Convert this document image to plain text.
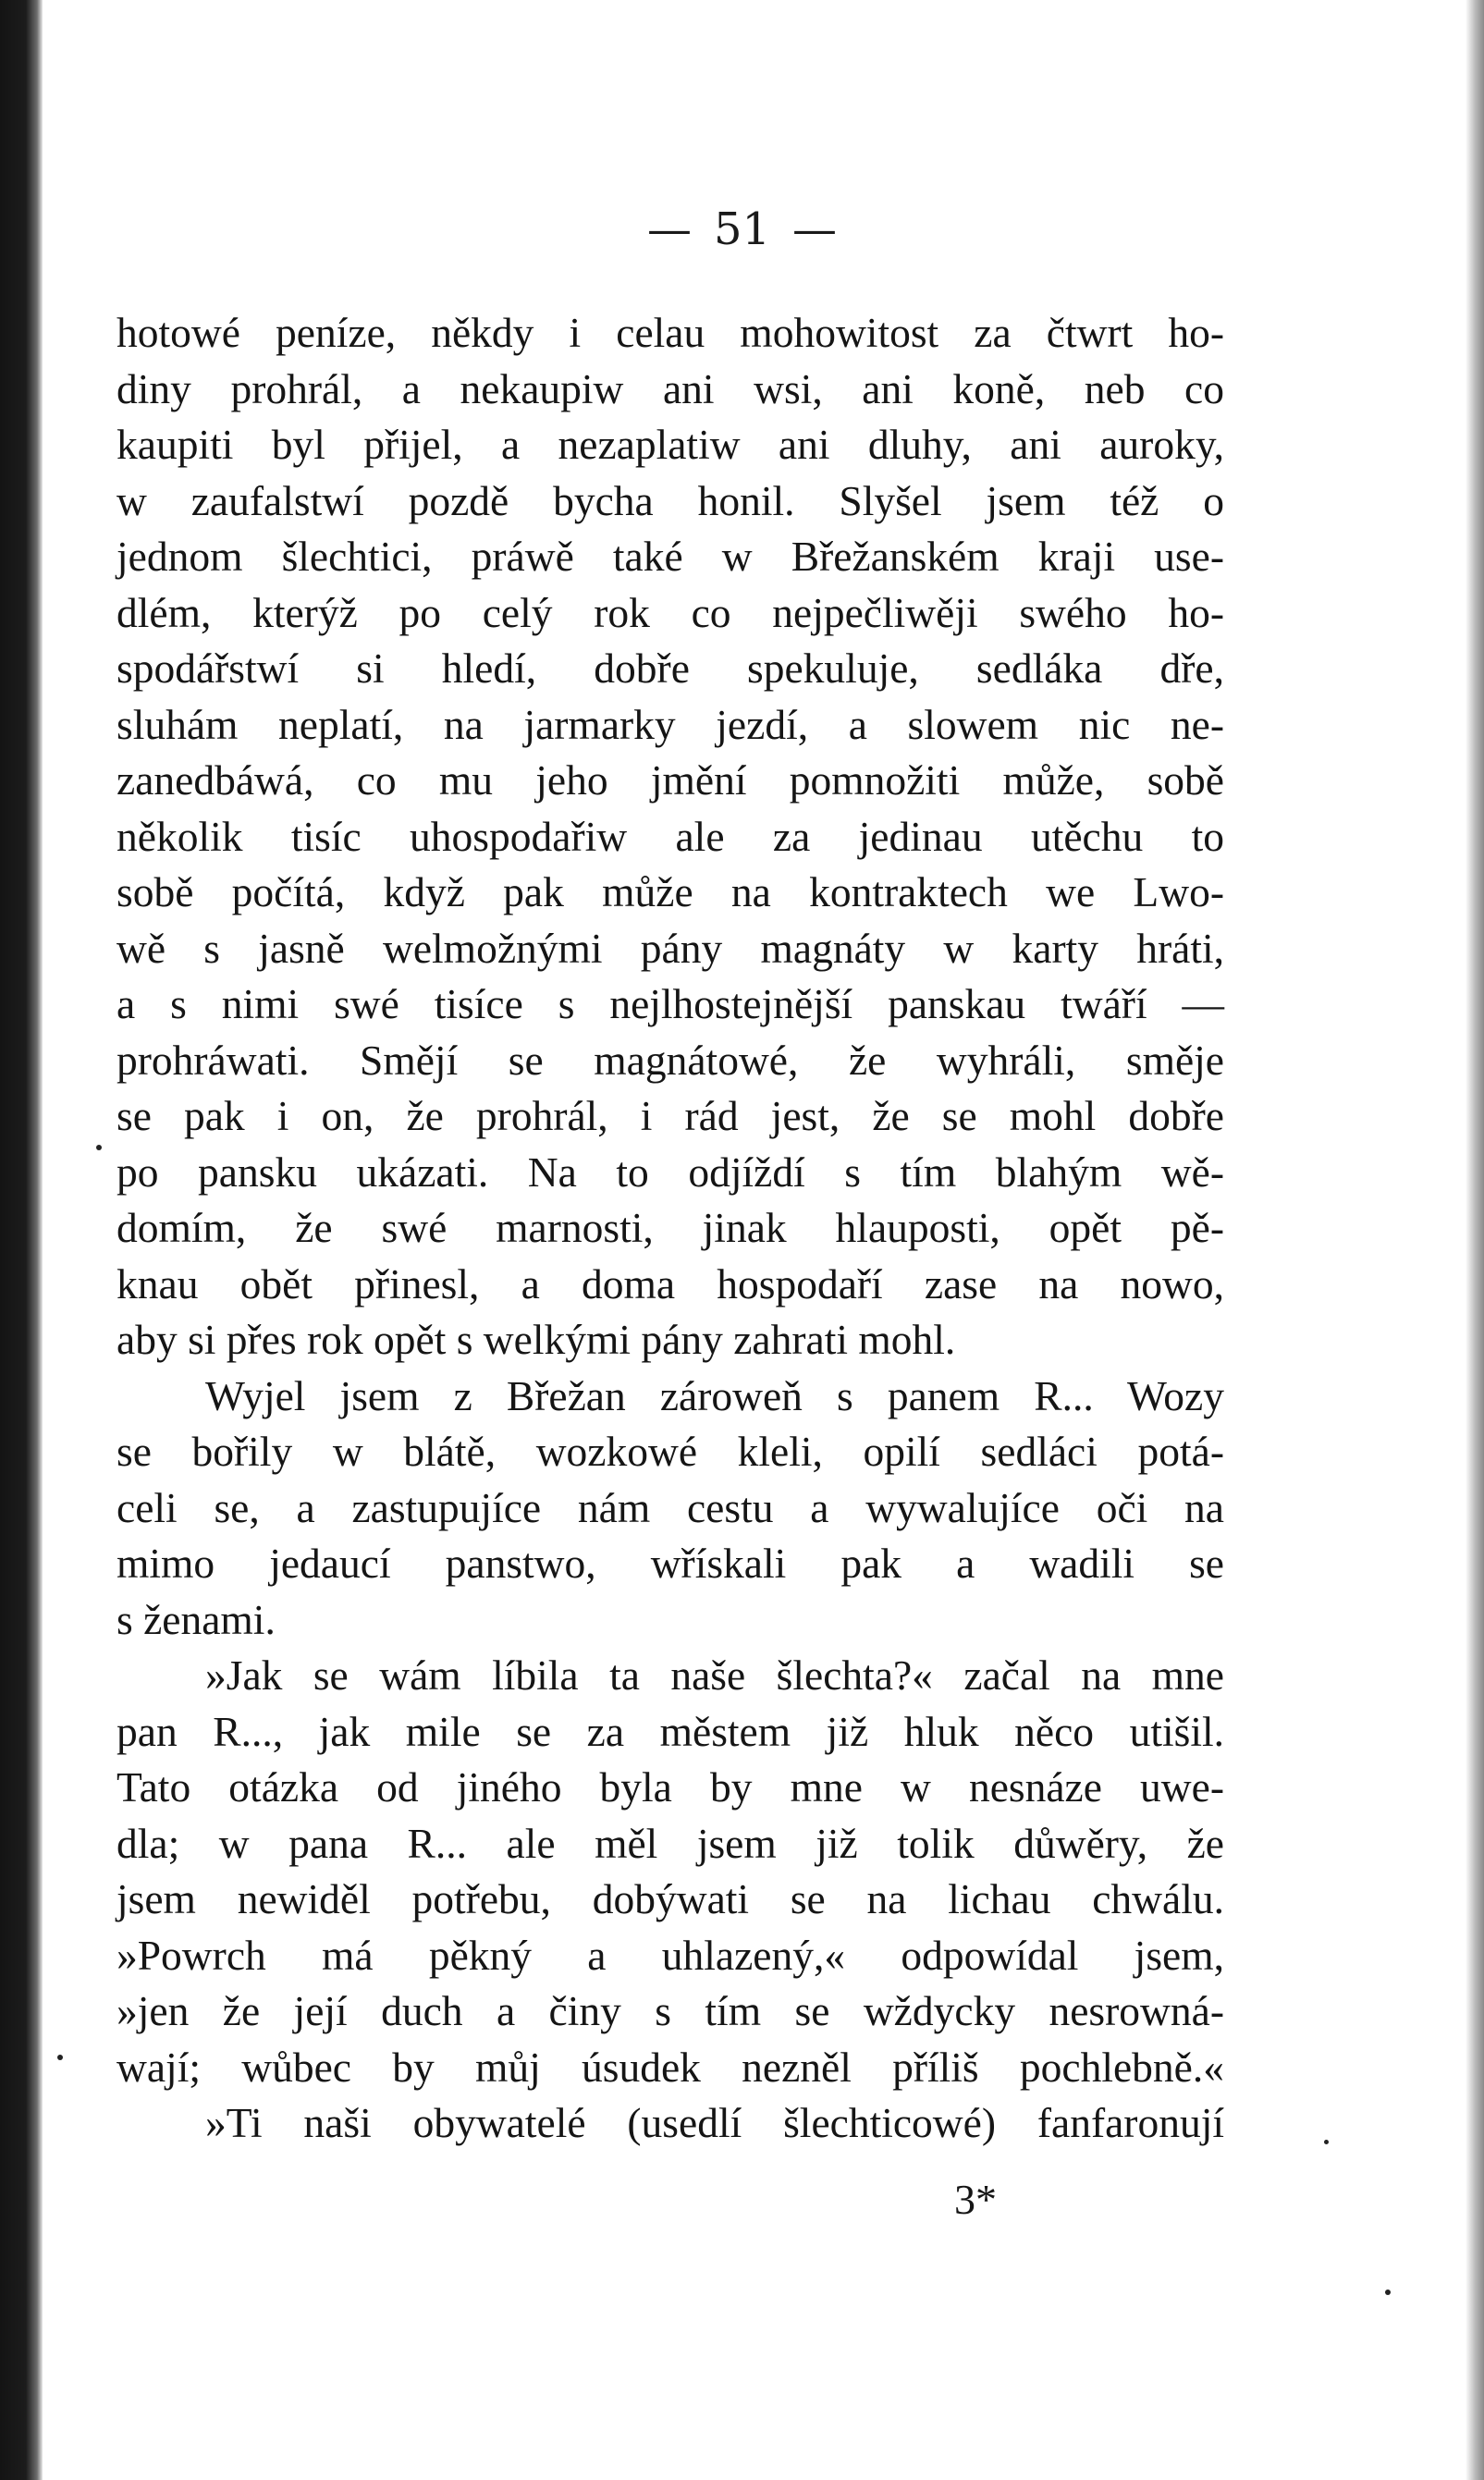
— 51 —
hotowé peníze, někdy i celau mohowitost za čtwrt ho-
diny prohrál, a nekaupiw ani wsi, ani koně, neb co
kaupiti byl přijel, a nezaplatiw ani dluhy, ani auroky,
w zaufalstwí pozdě bycha honil. Slyšel jsem též o
jednom šlechtici, práwě také w Břežanském kraji use-
dlém, kterýž po celý rok co nejpečliwěji swého ho-
spodářstwí si hledí, dobře spekuluje, sedláka dře,
sluhám neplatí, na jarmarky jezdí, a slowem nic ne-
zanedbáwá, co mu jeho jmění pomnožiti může, sobě
několik tisíc uhospodařiw ale za jedinau utěchu to
sobě počítá, když pak může na kontraktech we Lwo-
wě s jasně welmožnými pány magnáty w karty hráti,
a s nimi swé tisíce s nejlhostejnější panskau twáří —
prohráwati. Smějí se magnátowé, že wyhráli, směje
se pak i on, že prohrál, i rád jest, že se mohl dobře
po pansku ukázati. Na to odjíždí s tím blahým wě-
domím, že swé marnosti, jinak hlauposti, opět pě-
knau obět přinesl, a doma hospodaří zase na nowo,
aby si přes rok opět s welkými pány zahrati mohl.
Wyjel jsem z Břežan zároweň s panem R... Wozy
se bořily w blátě, wozkowé kleli, opilí sedláci potá-
celi se, a zastupujíce nám cestu a wywalujíce oči na
mimo jedaucí panstwo, wřískali pak a wadili se
s ženami.
»Jak se wám líbila ta naše šlechta?« začal na mne
pan R..., jak mile se za městem již hluk něco utišil.
Tato otázka od jiného byla by mne w nesnáze uwe-
dla; w pana R... ale měl jsem již tolik důwěry, že
jsem newiděl potřebu, dobýwati se na lichau chwálu.
»Powrch má pěkný a uhlazený,« odpowídal jsem,
»jen že její duch a činy s tím se wždycky nesrowná-
wají; wůbec by můj úsudek nezněl příliš pochlebně.«
»Ti naši obywatelé (usedlí šlechticowé) fanfaronují
3*
